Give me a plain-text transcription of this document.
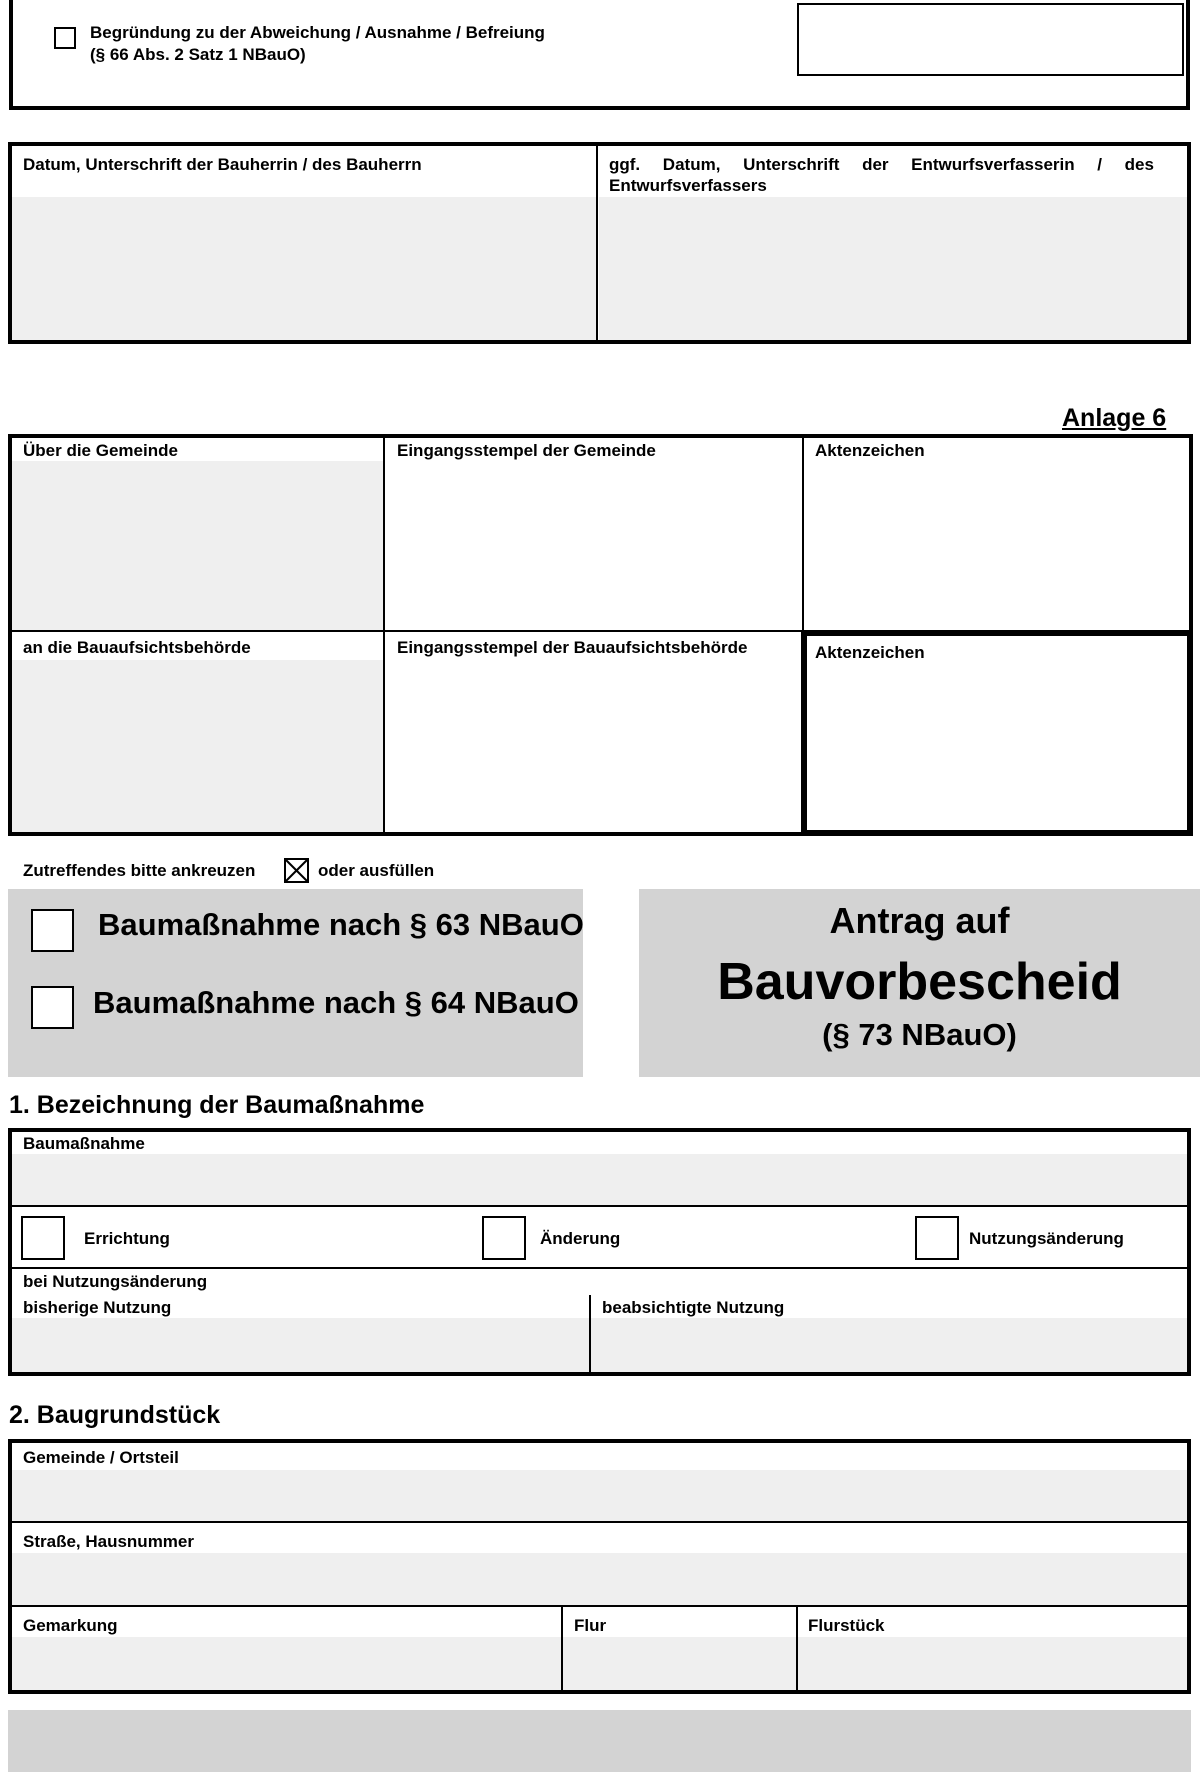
Begründung zu der Abweichung / Ausnahme / Befreiung
(§ 66 Abs. 2 Satz 1 NBauO)
Datum, Unterschrift der Bauherrin / des Bauherrn	ggf. Datum, Unterschrift der Entwurfsverfasserin / des
Entwurfsverfassers
Anlage 6
Über die Gemeinde	Eingangsstempel der Gemeinde	Aktenzeichen
an die Bauaufsichtsbehörde	Eingangsstempel der Bauaufsichtsbehörde	Aktenzeichen
Zutreffendes bitte ankreuzen	oder ausfüllen
Baumaßnahme nach § 63 NBauO
Baumaßnahme nach § 64 NBauO
Antrag auf
Bauvorbescheid
(§ 73 NBauO)
1. Bezeichnung der Baumaßnahme
Baumaßnahme
Errichtung	Änderung	Nutzungsänderung
bei Nutzungsänderung
bisherige Nutzung	beabsichtigte Nutzung
2. Baugrundstück
Gemeinde / Ortsteil
Straße, Hausnummer
Gemarkung	Flur	Flurstück
